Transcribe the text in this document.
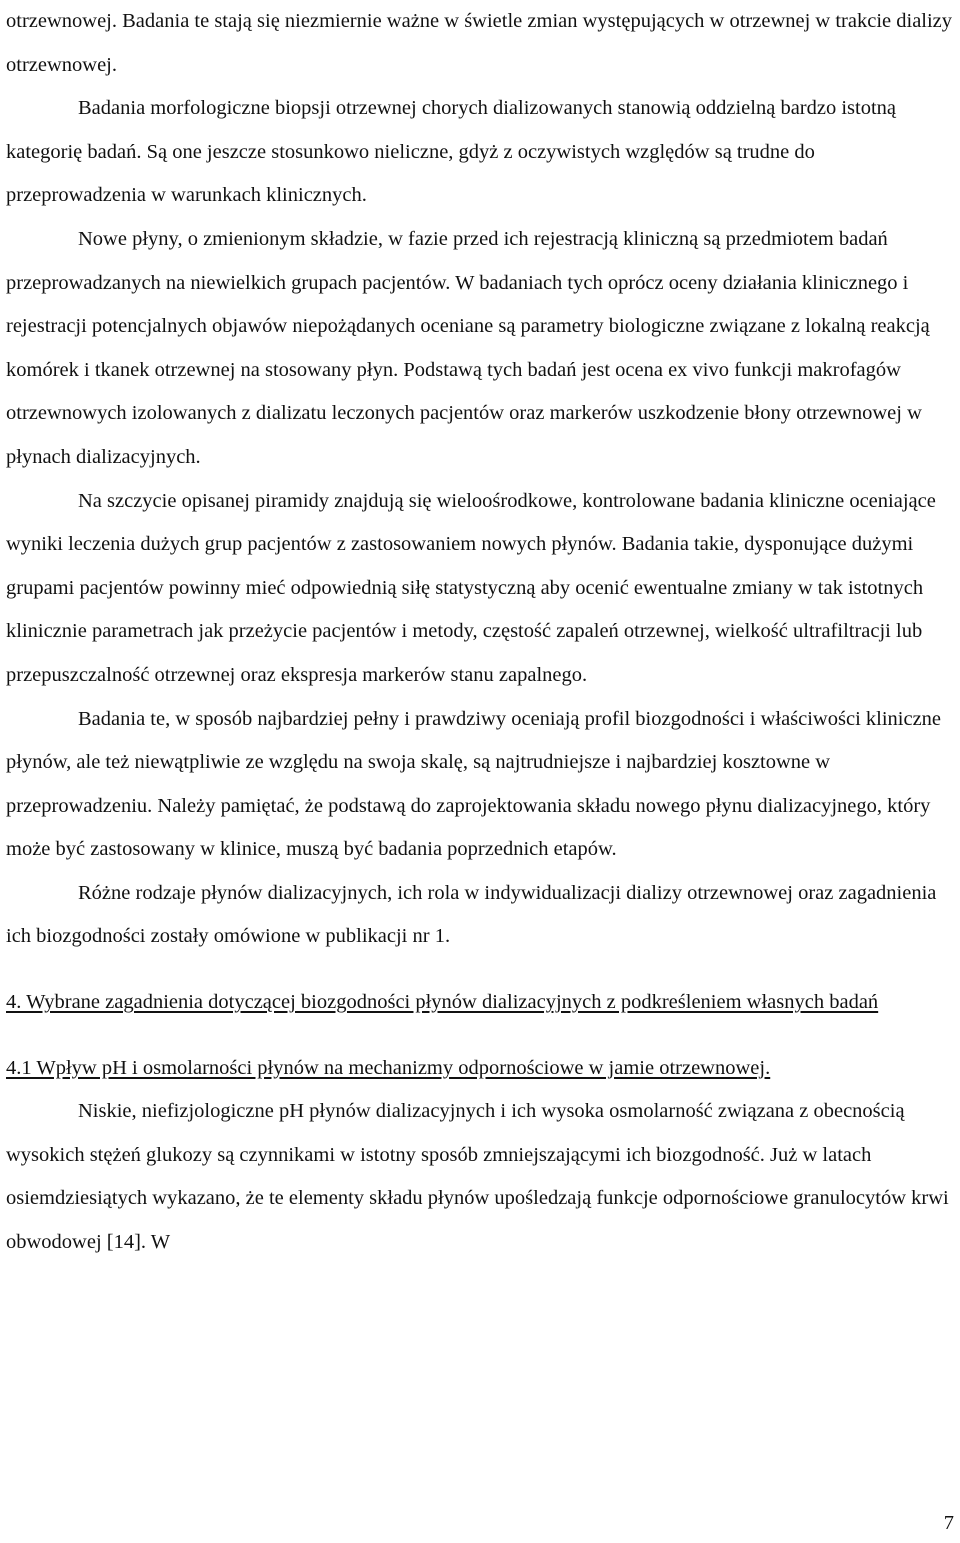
otrzewnowej. Badania te stają się niezmiernie ważne w świetle zmian występujących w otrzewnej w trakcie dializy otrzewnowej.

Badania morfologiczne biopsji otrzewnej chorych dializowanych stanowią oddzielną bardzo istotną kategorię badań. Są one jeszcze stosunkowo nieliczne, gdyż z oczywistych względów są trudne do przeprowadzenia w warunkach klinicznych.

Nowe płyny, o zmienionym składzie, w fazie przed ich rejestracją kliniczną są przedmiotem badań przeprowadzanych na niewielkich grupach pacjentów. W badaniach tych oprócz oceny działania klinicznego i rejestracji potencjalnych objawów niepożądanych oceniane są parametry biologiczne związane z lokalną reakcją komórek i tkanek otrzewnej na stosowany płyn. Podstawą tych badań jest ocena ex vivo funkcji makrofagów otrzewnowych izolowanych z dializatu leczonych pacjentów oraz markerów uszkodzenie błony otrzewnowej w płynach dializacyjnych.

Na szczycie opisanej piramidy znajdują się wieloośrodkowe, kontrolowane badania kliniczne oceniające wyniki leczenia dużych grup pacjentów z zastosowaniem nowych płynów. Badania takie, dysponujące dużymi grupami pacjentów powinny mieć odpowiednią siłę statystyczną aby ocenić ewentualne zmiany w tak istotnych klinicznie parametrach jak przeżycie pacjentów i metody, częstość zapaleń otrzewnej, wielkość ultrafiltracji lub przepuszczalność otrzewnej oraz ekspresja markerów stanu zapalnego.

Badania te, w sposób najbardziej pełny i prawdziwy oceniają profil biozgodności i właściwości kliniczne płynów, ale też niewątpliwie ze względu na swoja skalę, są najtrudniejsze i najbardziej kosztowne w przeprowadzeniu. Należy pamiętać, że podstawą do zaprojektowania składu nowego płynu dializacyjnego, który może być zastosowany w klinice, muszą być badania poprzednich etapów.

Różne rodzaje płynów dializacyjnych, ich rola w indywidualizacji dializy otrzewnowej oraz zagadnienia ich biozgodności zostały omówione w publikacji nr 1.

4. Wybrane zagadnienia dotyczącej biozgodności płynów dializacyjnych z podkreśleniem własnych badań

4.1 Wpływ pH i osmolarności płynów na mechanizmy odpornościowe w jamie otrzewnowej.

Niskie, niefizjologiczne pH płynów dializacyjnych i ich wysoka osmolarność związana z obecnością wysokich stężeń glukozy są czynnikami w istotny sposób zmniejszającymi ich biozgodność. Już w latach osiemdziesiątych wykazano, że te elementy składu płynów upośledzają funkcje odpornościowe granulocytów krwi obwodowej [14]. W

7
